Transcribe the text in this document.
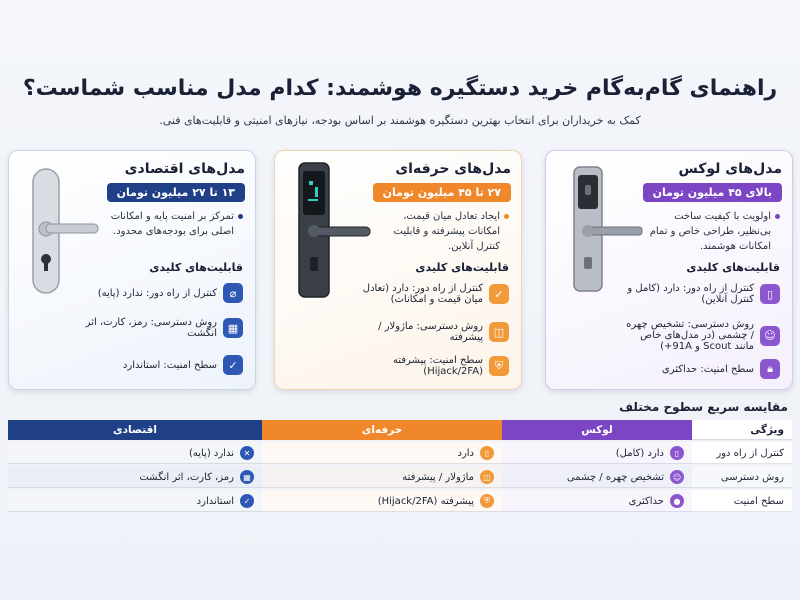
راهنمای گام‌به‌گام خرید دستگیره هوشمند: کدام مدل مناسب شماست؟
کمک به خریداران برای انتخاب بهترین دستگیره هوشمند بر اساس بودجه، نیازهای امنیتی و قابلیت‌های فنی.
مدل‌های اقتصادی
۱۳ تا ۲۷ میلیون تومان
تمرکز بر امنیت پایه و امکانات اصلی برای بودجه‌های محدود.
قابلیت‌های کلیدی
⌀
کنترل از راه دور: ندارد (پایه)
▦
روش دسترسی: رمز، کارت، اثر انگشت
✓
سطح امنیت: استاندارد
مدل‌های حرفه‌ای
۲۷ تا ۴۵ میلیون تومان
ایجاد تعادل میان قیمت، امکانات پیشرفته و قابلیت کنترل آنلاین.
قابلیت‌های کلیدی
✓
کنترل از راه دور: دارد (تعادل میان قیمت و امکانات)
◫
روش دسترسی: ماژولار / پیشرفته
⛨
سطح امنیت: پیشرفته (Hijack/2FA)
مدل‌های لوکس
بالای ۴۵ میلیون تومان
اولویت با کیفیت ساخت بی‌نظیر، طراحی خاص و تمام امکانات هوشمند.
قابلیت‌های کلیدی
▯
کنترل از راه دور: دارد (کامل و کنترل آنلاین)
☺
روش دسترسی: تشخیص چهره / چشمی (در مدل‌های خاص مانند Scout و 91A+)
🔒︎
سطح امنیت: حداکثری
مقایسه سریع سطوح مختلف
ویژگی
لوکس
حرفه‌ای
اقتصادی
کنترل از راه دور
▯
دارد (کامل)
▯
دارد
✕
ندارد (پایه)
روش دسترسی
☺
تشخیص چهره / چشمی
◫
ماژولار / پیشرفته
▦
رمز، کارت، اثر انگشت
سطح امنیت
●
حداکثری
⛨
پیشرفته (Hijack/2FA)
✓
استاندارد
